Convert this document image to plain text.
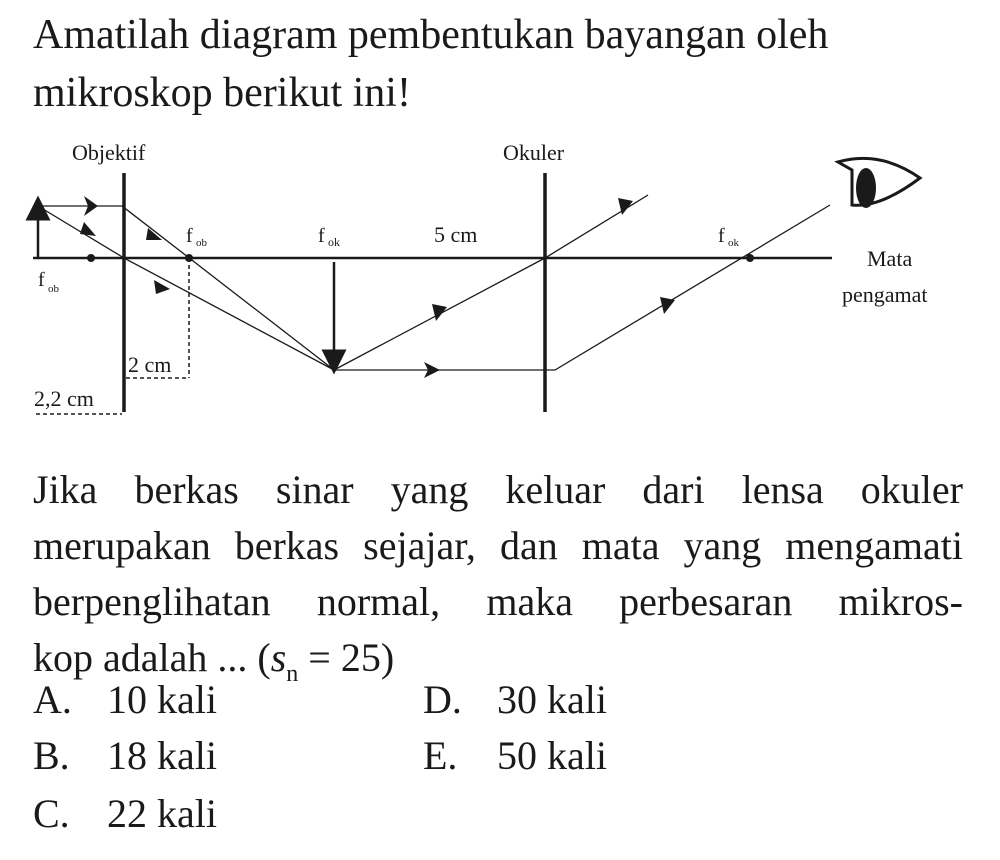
Amatilah diagram pembentukan bayangan oleh
mikroskop berikut ini!

Objektif	Okuler
Mata
pengamat
f ob
f ob
f ok	f ok
5 cm
2 cm
2,2 cm

Jika berkas sinar yang keluar dari lensa okuler
merupakan berkas sejajar, dan mata yang mengamati
berpenglihatan normal, maka perbesaran mikros-
kop adalah ... $(s_n = 25)$

A. 10 kali
B. 18 kali
C. 22 kali
D. 30 kali
E. 50 kali
